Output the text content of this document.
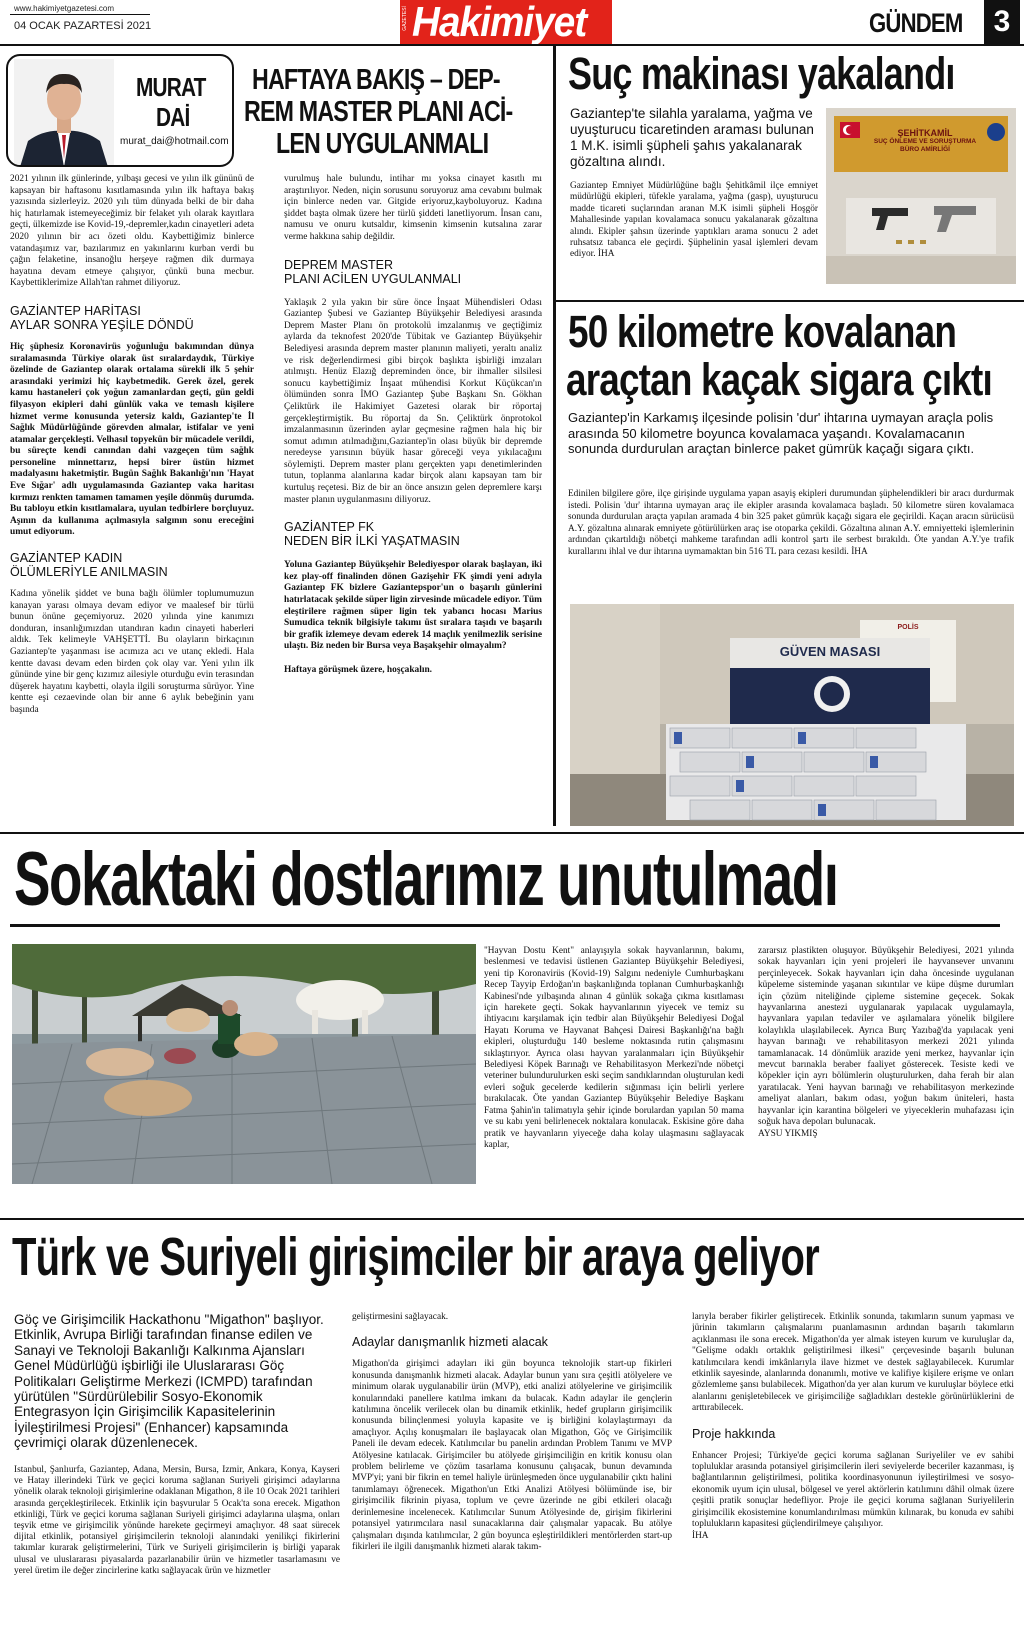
www.hakimiyetgazetesi.com
04 OCAK PAZARTESİ 2021	GAZETESİ Hakimiyet	GÜNDEM	3
MURAT
DAİ
murat_dai@hotmail.com
HAFTAYA BAKIŞ – DEP-
REM MASTER PLANI ACİ-
LEN UYGULANMALI

2021 yılının ilk günlerinde, yılbaşı gecesi ve yılın ilk gününü de kapsayan bir haftasonu kısıtlamasında yılın ilk haftaya bakış yazısında sizlerleyiz. 2020 yılı tüm dünyada belki de bir daha hiç hatırlamak istemeyeceğimiz bir felaket yılı olarak kayıtlara geçti, ülkemizde ise Kovid-19,-depremler,kadın cinayetleri adeta 2020 yılının bir acı özeti oldu. Kaybettiğimiz binlerce vatandaşımız var, bazılarımız en yakınlarını kurban verdi bu çağın felaketine, insanoğlu herşeye rağmen dik durmaya hayatına devam etmeye çalışıyor, çünkü buna mecbur. Kaybettiklerimize Allah'tan rahmet diliyoruz.

GAZİANTEP HARİTASI
AYLAR SONRA YEŞİLE DÖNDÜ

Hiç şüphesiz Koronavirüs yoğunluğu bakımından dünya sıralamasında Türkiye olarak üst sıralardaydık, Türkiye özelinde de Gaziantep olarak ortalama sürekli ilk 5 şehir arasındaki yerimizi hiç kaybetmedik. Gerek özel, gerek kamu hastaneleri çok yoğun zamanlardan geçti, gün geldi filyasyon ekipleri dahi günlük vaka ve temaslı kişilere hizmet verme konusunda yetersiz kaldı, Gaziantep'te İl Sağlık Müdürlüğünde görevden almalar, istifalar ve yeni atamalar gerçekleşti. Velhasıl topyekün bir mücadele verildi, bu süreçte kendi canından dahi vazgeçen tüm sağlık personeline minnettarız, hepsi birer üstün hizmet madalyasını haketmiştir. Bugün Sağlık Bakanlığı'nın 'Hayat Eve Sığar' adlı uygulamasında Gaziantep vaka haritası kırmızı renkten tamamen tamamen yeşile dönmüş durumda. Bu tabloyu etkin kısıtlamalara, uyulan tedbirlere borçluyuz. Aşının da kullanıma açılmasıyla salgının sonu ereceğini umut ediyorum.

GAZİANTEP KADIN
ÖLÜMLERİYLE ANILMASIN

Kadına yönelik şiddet ve buna bağlı ölümler toplumumuzun kanayan yarası olmaya devam ediyor ve maalesef bir türlü bunun önüne geçemiyoruz. 2020 yılında yine kanımızı donduran, insanlığımızdan utandıran kadın cinayeti haberleri aldık. Tek kelimeyle VAHŞETTİ. Bu olayların birkaçının Gaziantep'te yaşanması ise acımıza acı ve utanç ekledi. Hala kentte davası devam eden birden çok olay var. Yeni yılın ilk gününde yine bir genç kızımız ailesiyle oturduğu evin terasından düşerek hayatını kaybetti, olayla ilgili soruşturma sürüyor. Yine kentte eşi cezaevinde olan bir anne 6 aylık bebeğinin yanı başında

vurulmuş hale bulundu, intihar mı yoksa cinayet kasıtlı mı araştırılıyor. Neden, niçin sorusunu soruyoruz ama cevabını bulmak için binlerce neden var. Gitgide eriyoruz,kayboluyoruz. Kadına şiddet başta olmak üzere her türlü şiddeti lanetliyorum. İnsan canı, namusu ve onuru kutsaldır, kimsenin kimsenin kutsalına zarar verme hakkına sahip değildir.

DEPREM MASTER
PLANI ACİLEN UYGULANMALI

Yaklaşık 2 yıla yakın bir süre önce İnşaat Mühendisleri Odası Gaziantep Şubesi ve Gaziantep Büyükşehir Belediyesi arasında Deprem Master Planı ön protokolü imzalanmış ve geçtiğimiz aylarda da teknofest 2020'de Tübitak ve Gaziantep Büyükşehir Belediyesi arasında deprem master planının maliyeti, yeraltı analiz ve risk değerlendirmesi gibi birçok başlıkta işbirliği imzaları atılmıştı. Henüz Elazığ depreminden önce, bir ihmaller silsilesi sonucu kaybettiğimiz İnşaat mühendisi Korkut Küçükcan'ın ölümünden sonra İMO Gaziantep Şube Başkanı Sn. Gökhan Çeliktürk ile Hakimiyet Gazetesi olarak bir röportaj gerçekleştirmiştik. Bu röportaj da Sn. Çeliktürk önprotokol imzalanmasının üzerinden aylar geçmesine rağmen hala hiç bir somut adımın atılmadığını,Gaziantep'in olası büyük bir depremde neredeyse yarısının büyük hasar göreceği veya yıkılacağını söylemişti. Deprem master planı gerçekten yapı denetimlerinden tutun, toplanma alanlarına kadar birçok alanı kapsayan tam bir kurtuluş reçetesi. Biz de bir an önce ansızın gelen depremlere karşı master planın uygulanmasını diliyoruz.

GAZİANTEP FK
NEDEN BİR İLKİ YAŞATMASIN

Yoluna Gaziantep Büyükşehir Belediyespor olarak başlayan, iki kez play-off finalinden dönen Gazişehir FK şimdi yeni adıyla Gaziantep FK bizlere Gaziantepspor'un o başarılı günlerini hatırlatacak şekilde süper ligin zirvesinde mücadele ediyor. Tüm eleştirilere rağmen süper ligin tek yabancı hocası Marius Sumudica teknik bilgisiyle takımı üst sıralara taşıdı ve başarılı bir grafik izlemeye devam ederek 14 maçlık yenilmezlik serisine ulaştı. Biz neden bir Bursa veya Başakşehir olmayalım?

Haftaya görüşmek üzere, hoşçakalın.

Suç makinası yakalandı
Gaziantep'te silahla yaralama, yağma ve uyuşturucu ticaretinden araması bulunan 1 M.K. isimli şüpheli şahıs yakalanarak gözaltına alındı.
Gaziantep Emniyet Müdürlüğüne bağlı Şehitkâmil ilçe emniyet müdürlüğü ekipleri, tüfekle yaralama, yağma (gasp), uyuşturucu madde ticareti suçlarından aranan M.K isimli şüpheli Hoşgör Mahallesinde yapılan kovalamaca sonucu yakalanarak gözaltına alındı. Ekipler şahsın üzerinde yaptıkları arama sonucu 2 adet ruhsatsız tabanca ele geçirdi. Şüphelinin yasal işlemleri devam ediyor. İHA
ŞEHİTKAMİL
SUÇ ÖNLEME VE SORUŞTURMA
BÜRO AMİRLİĞİ
50 kilometre kovalanan
araçtan kaçak sigara çıktı
Gaziantep'in Karkamış ilçesinde polisin 'dur' ihtarına uymayan araçla polis arasında 50 kilometre boyunca kovalamaca yaşandı. Kovalamacanın sonunda durdurulan araçtan binlerce paket gümrük kaçağı sigara çıktı.
Edinilen bilgilere göre, ilçe girişinde uygulama yapan asayiş ekipleri durumundan şüphelendikleri bir aracı durdurmak istedi. Polisin 'dur' ihtarına uymayan araç ile ekipler arasında kovalamaca başladı. 50 kilometre süren kovalamaca sonunda durdurulan araçta yapılan aramada 4 bin 325 paket gümrük kaçağı sigara ele geçirildi. Kaçan aracın sürücüsü A.Y. gözaltına alınarak emniyete götürülürken araç ise otoparka çekildi. Gözaltına alınan A.Y. emniyetteki işlemlerinin ardından çıkartıldığı nöbetçi mahkeme tarafından adli kontrol şartı ile serbest bırakıldı. Öte yandan A.Y.'ye trafik kurallarını ihlal ve dur ihtarına uymamaktan bin 516 TL para cezası kesildi. İHA
GÜVEN MASASI
POLİS
Sokaktaki dostlarımız unutulmadı
"Hayvan Dostu Kent" anlayışıyla sokak hayvanlarının, bakımı, beslenmesi ve tedavisi üstlenen Gaziantep Büyükşehir Belediyesi, yeni tip Koronavirüs (Kovid-19) Salgını nedeniyle Cumhurbaşkanı Recep Tayyip Erdoğan'ın başkanlığında toplanan Cumhurbaşkanlığı Kabinesi'nde yılbaşında alınan 4 günlük sokağa çıkma kısıtlaması için harekete geçti. Sokak hayvanlarının yiyecek ve temiz su ihtiyacını karşılamak için tedbir alan Büyükşehir Belediyesi Doğal Hayatı Koruma ve Hayvanat Bahçesi Dairesi Başkanlığı'na bağlı ekipleri, oluşturduğu 140 besleme noktasında rutin çalışmasını sıklaştırıyor. Ayrıca olası hayvan yaralanmaları için Büyükşehir Belediyesi Köpek Barınağı ve Rehabilitasyon Merkezi'nde nöbetçi veteriner bulundurulurken eski seçim sandıklarından oluşturulan kedi evleri soğuk gecelerde kedilerin sığınması için belirli yerlere bırakılacak. Öte yandan Gaziantep Büyükşehir Belediye Başkanı Fatma Şahin'in talimatıyla şehir içinde borulardan yapılan 50 mama ve su kabı yeni belirlenecek noktalara konulacak. Eskisine göre daha pratik ve hayvanların yiyeceğe daha kolay ulaşmasını sağlayacak kaplar,

zararsız plastikten oluşuyor. Büyükşehir Belediyesi, 2021 yılında sokak hayvanları için yeni projeleri ile hayvansever unvanını perçinleyecek. Sokak hayvanları için daha öncesinde uygulanan küpeleme sisteminde yaşanan sıkıntılar ve küpe düşme durumları için çözüm niteliğinde çipleme sistemine geçecek. Sokak hayvanlarına anestezi uygulanarak yapılacak uygulamayla, hayvanlara yapılan tedaviler ve aşılamalara yönelik bilgilere kolaylıkla ulaşılabilecek. Ayrıca Burç Yazıbağ'da yapılacak yeni hayvan barınağı ve rehabilitasyon merkezi 2021 yılında tamamlanacak. 14 dönümlük arazide yeni merkez, hayvanlar için mevcut barınakla beraber faaliyet gösterecek. Tesiste kedi ve köpekler için ayrı bölümlerin oluşturulurken, daha ferah bir alan yaratılacak. Yeni hayvan barınağı ve rehabilitasyon merkezinde ameliyat alanları, bakım odası, yoğun bakım üniteleri, hasta hayvanlar için karantina bölgeleri ve yiyeceklerin muhafazası için soğuk hava depoları bulunacak.

AYSU YIKMIŞ

Türk ve Suriyeli girişimciler bir araya geliyor
Göç ve Girişimcilik Hackathonu "Migathon" başlıyor. Etkinlik, Avrupa Birliği tarafından finanse edilen ve Sanayi ve Teknoloji Bakanlığı Kalkınma Ajansları Genel Müdürlüğü işbirliği ile Uluslararası Göç Politikaları Geliştirme Merkezi (ICMPD) tarafından yürütülen "Sürdürülebilir Sosyo-Ekonomik Entegrasyon İçin Girişimcilik Kapasitelerinin İyileştirilmesi Projesi" (Enhancer) kapsamında çevrimiçi olarak düzenlenecek.
İstanbul, Şanlıurfa, Gaziantep, Adana, Mersin, Bursa, İzmir, Ankara, Konya, Kayseri ve Hatay illerindeki Türk ve geçici koruma sağlanan Suriyeli girişimci adaylarına yönelik olarak teknoloji girişimlerine odaklanan Migathon, 8 ile 10 Ocak 2021 tarihleri arasında gerçekleştirilecek. Etkinlik için başvurular 5 Ocak'ta sona erecek. Migathon etkinliği, Türk ve geçici koruma sağlanan Suriyeli girişimci adaylarına ulaşma, onları teşvik etme ve girişimcilik yönünde harekete geçirmeyi amaçlıyor. 48 saat sürecek dijital etkinlik, potansiyel girişimcilerin teknoloji alanındaki yenilikçi fikirlerini takımlar kurarak geliştirmelerini, Türk ve Suriyeli girişimcilerin iş birliği yaparak ulusal ve uluslararası piyasalarda pazarlanabilir ürün ve hizmetler tasarlamasını ve yerel üretim ile değer zincirlerine katkı sağlayacak ürün ve hizmetler

geliştirmesini sağlayacak.

Adaylar danışmanlık hizmeti alacak

Migathon'da girişimci adayları iki gün boyunca teknolojik start-up fikirleri konusunda danışmanlık hizmeti alacak. Adaylar bunun yanı sıra çeşitli atölyelere ve minimum olarak uygulanabilir ürün (MVP), etki analizi atölyelerine ve girişimcilik konularındaki panellere katılma imkanı da bulacak. Kadın adaylar ile gençlerin katılımına öncelik verilecek olan bu dinamik etkinlik, hedef grupların girişimcilik konusunda bilinçlenmesi yoluyla kapasite ve iş birliğini kolaylaştırmayı da amaçlıyor. Açılış konuşmaları ile başlayacak olan Migathon, Göç ve Girişimcilik Paneli ile devam edecek. Katılımcılar bu panelin ardından Problem Tanımı ve MVP Atölyesine katılacak. Girişimciler bu atölyede girişimciliğin en kritik konusu olan problem belirleme ve çözüm tasarlama konusunu çalışacak, bunun devamında MVP'yi; yani bir fikrin en temel haliyle ürünleşmeden önce uygulanabilir çıktı halini tanımlamayı öğrenecek. Migathon'un Etki Analizi Atölyesi bölümünde ise, bir girişimcilik fikrinin piyasa, toplum ve çevre üzerinde ne gibi etkileri olacağı derinlemesine incelenecek. Katılımcılar Sunum Atölyesinde de, girişim fikirlerini potansiyel yatırımcılara nasıl sunacaklarına dair çalışmalar yapacak. Bu atölye çalışmaları dışında katılımcılar, 2 gün boyunca eşleştirildikleri mentörlerden start-up fikirleri ile ilgili danışmanlık hizmeti alarak takım-

larıyla beraber fikirler geliştirecek. Etkinlik sonunda, takımların sunum yapması ve jürinin takımların çalışmalarını puanlamasının ardından başarılı takımların açıklanması ile sona erecek. Migathon'da yer almak isteyen kurum ve kuruluşlar da, "Gelişme odaklı ortaklık geliştirilmesi ilkesi" çerçevesinde başarılı bulunan katılımcılara kendi imkânlarıyla ilave hizmet ve destek sağlayabilecek. Kurumlar etkinlik sayesinde, alanlarında donanımlı, motive ve kalifiye kişilere erişme ve onları gözlemleme şansı bulabilecek. Migathon'da yer alan kurum ve kuruluşlar böylece etki alanlarını genişletebilecek ve girişimciliğe sağladıkları destekle görünürlüklerini de arttırabilecek.

Proje hakkında

Enhancer Projesi; Türkiye'de geçici koruma sağlanan Suriyeliler ve ev sahibi topluluklar arasında potansiyel girişimcilerin ileri seviyelerde beceriler kazanması, iş bağlantılarının geliştirilmesi, politika koordinasyonunun iyileştirilmesi ve sosyo-ekonomik uyum için ulusal, bölgesel ve yerel aktörlerin katılımını dâhil olmak üzere çeşitli pratik sonuçlar hedefliyor. Proje ile geçici koruma sağlanan Suriyelilerin girişimcilik ekosistemine konumlandırılması mümkün kılınarak, bu konuda ev sahibi toplulukların kapasitesi güçlendirilmeye çalışılıyor.

İHA
